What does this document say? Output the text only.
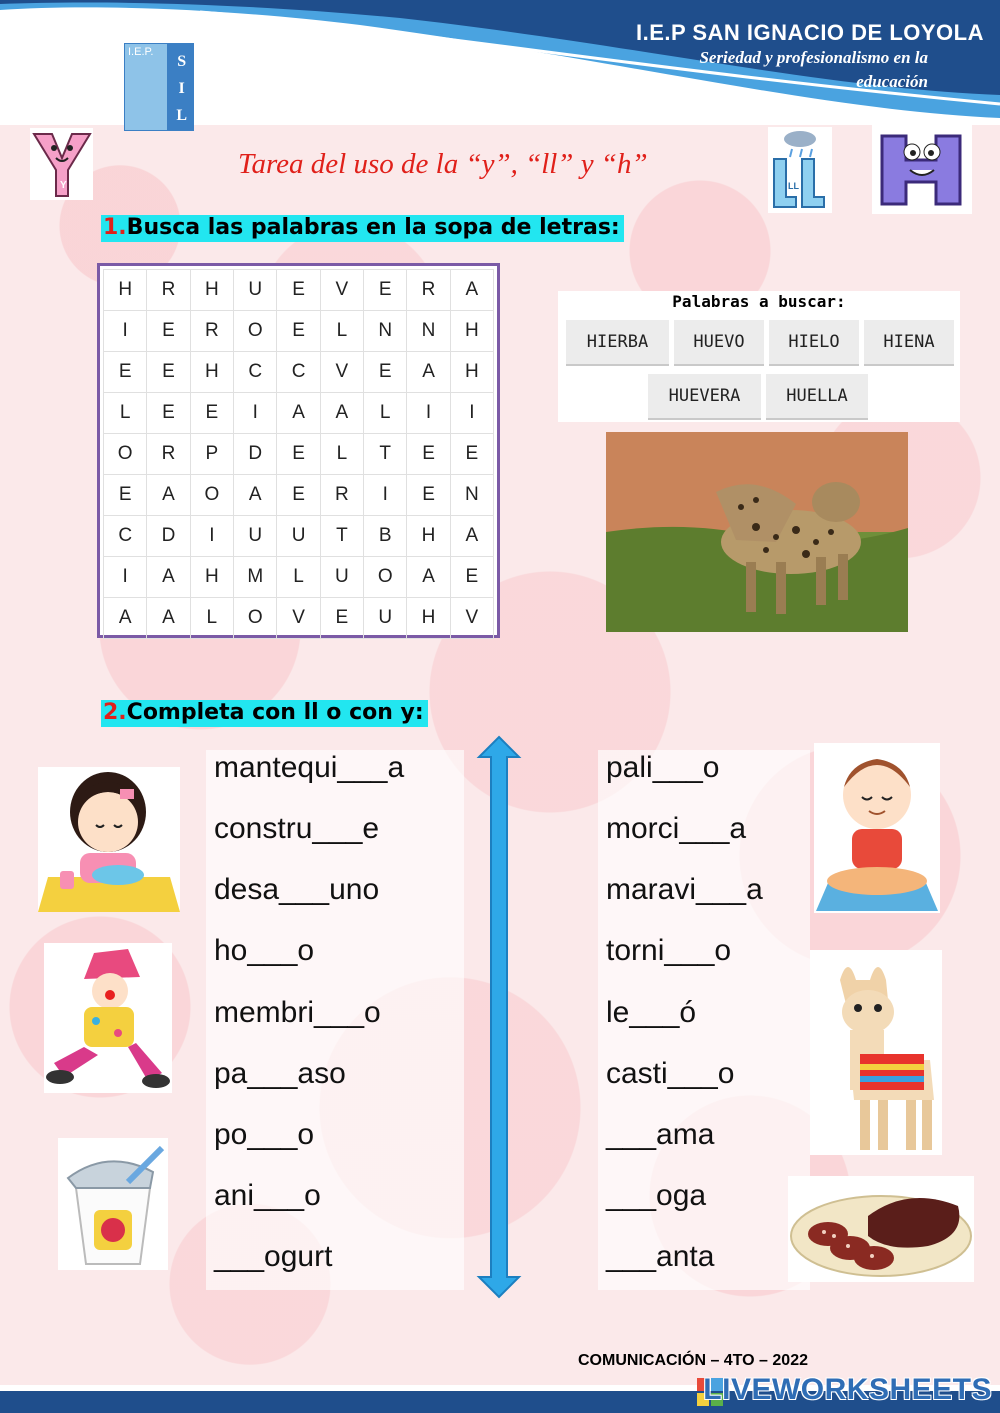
I.E.P SAN IGNACIO DE LOYOLA
Seriedad y profesionalismo en la educación
I.E.P.
S
I
L
Y	LL
H
Tarea del uso de la “y”, “ll” y “h”
1.Busca las palabras en la sopa de letras:
H	R	H	U	E	V	E	R	A
I	E	R	O	E	L	N	N	H
E	E	H	C	C	V	E	A	H
L	E	E	I	A	A	L	I	I
O	R	P	D	E	L	T	E	E
E	A	O	A	E	R	I	E	N
C	D	I	U	U	T	B	H	A
I	A	H	M	L	U	O	A	E
A	A	L	O	V	E	U	H	V
Palabras a buscar:
HIERBA	HUEVO	HIELO	HIENA
HUEVERA	HUELLA
2.Completa con ll o con y:
mantequi___a
constru___e
desa___uno
ho___o
membri___o
pa___aso
po___o
ani___o
___ogurt
pali___o
morci___a
maravi___a
torni___o
le___ó
casti___o
___ama
___oga
___anta
COMUNICACIÓN – 4TO – 2022
LIVEWORKSHEETS
